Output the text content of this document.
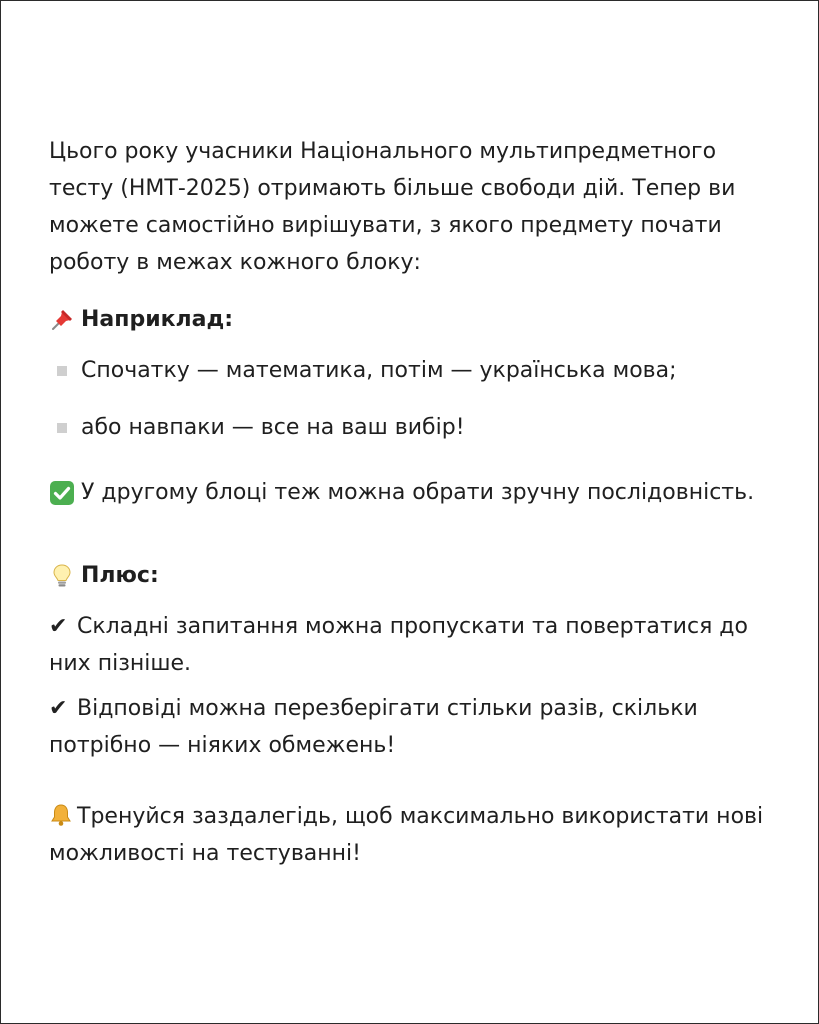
Цього року учасники Національного мультипредметного тесту (НМТ-2025) отримають більше свободи дій. Тепер ви можете самостійно вирішувати, з якого предмету почати роботу в межах кожного блоку:

Наприклад:
Спочатку — математика, потім — українська мова;
або навпаки — все на ваш вибір!
У другому блоці теж можна обрати зручну послідовність.
Плюс:

✔ Складні запитання можна пропускати та повертатися до них пізніше.

✔ Відповіді можна перезберігати стільки разів, скільки потрібно — ніяких обмежень!

Тренуйся заздалегідь, щоб максимально використати нові можливості на тестуванні!
